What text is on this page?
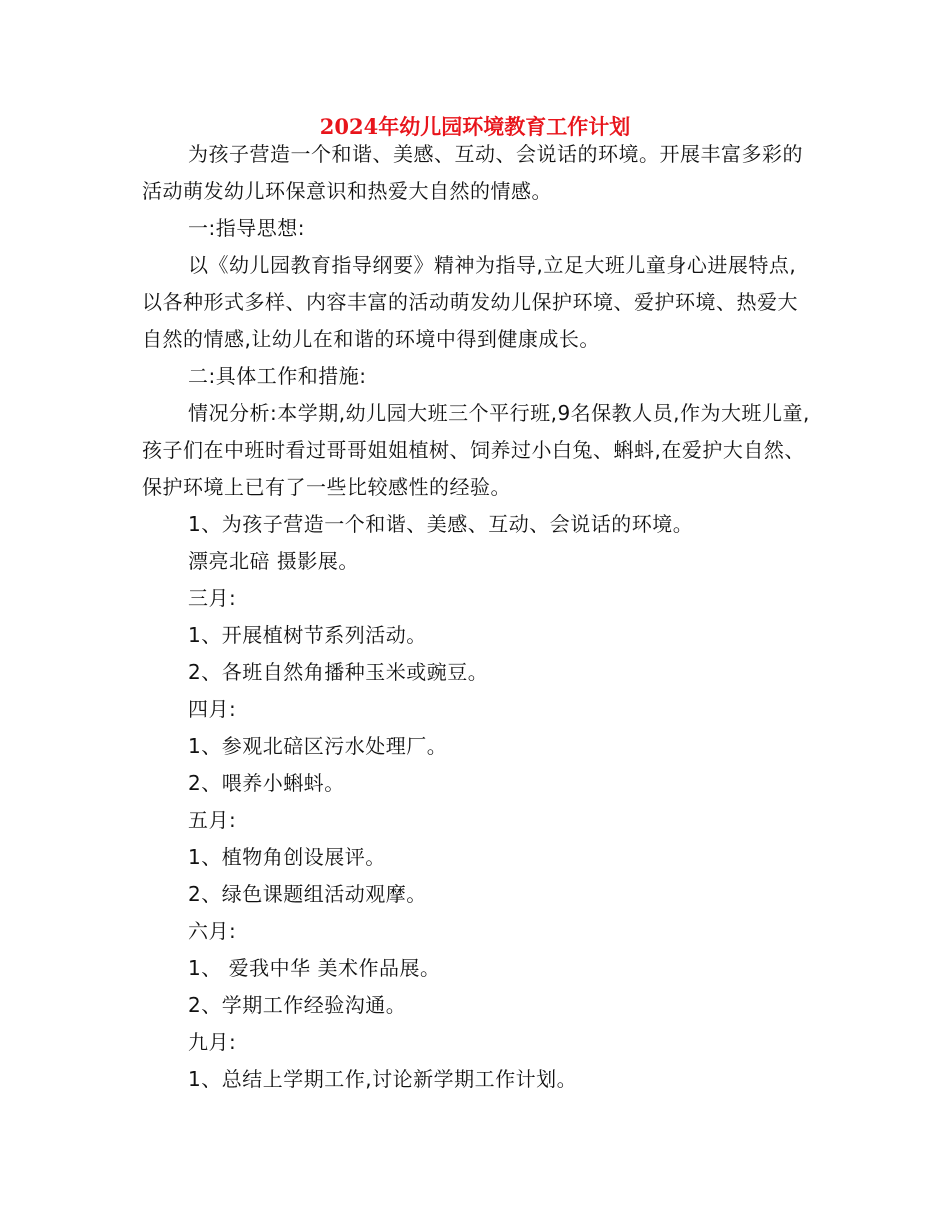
2024年幼儿园环境教育工作计划

为孩子营造一个和谐、美感、互动、会说话的环境。开展丰富多彩的活动萌发幼儿环保意识和热爱大自然的情感。

一:指导思想:

以《幼儿园教育指导纲要》精神为指导,立足大班儿童身心进展特点,以各种形式多样、内容丰富的活动萌发幼儿保护环境、爱护环境、热爱大自然的情感,让幼儿在和谐的环境中得到健康成长。

二:具体工作和措施:

情况分析:本学期,幼儿园大班三个平行班,9名保教人员,作为大班儿童,孩子们在中班时看过哥哥姐姐植树、饲养过小白兔、蝌蚪,在爱护大自然、保护环境上已有了一些比较感性的经验。

1、为孩子营造一个和谐、美感、互动、会说话的环境。

漂亮北碚 摄影展。

三月:

1、开展植树节系列活动。

2、各班自然角播种玉米或豌豆。

四月:

1、参观北碚区污水处理厂。

2、喂养小蝌蚪。

五月:

1、植物角创设展评。

2、绿色课题组活动观摩。

六月:

1、 爱我中华 美术作品展。

2、学期工作经验沟通。

九月:

1、总结上学期工作,讨论新学期工作计划。
